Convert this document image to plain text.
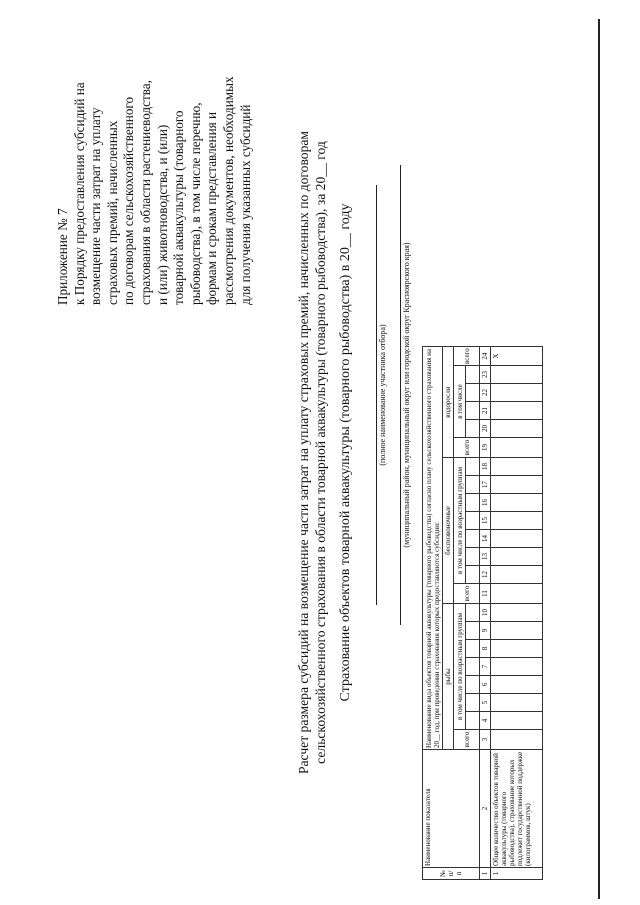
Приложение № 7 к Порядку предоставления субсидий на возмещение части затрат на уплату страховых премий, начисленных по договорам сельскохозяйственного страхования в области растениеводства, и (или) животноводства, и (или) товарной аквакультуры (товарного рыбоводства), в том числе перечню, формам и срокам представления и рассмотрения документов, необходимых для получения указанных субсидий	Расчет размера субсидий на возмещение части затрат на уплату страховых премий, начисленных по договорам сельскохозяйственного страхования в области товарной аквакультуры (товарного рыбоводства), за 20__ год Страхование объектов товарной аквакультуры (товарного рыбоводства) в 20__ году	(полное наименование участника отбора) (муниципальный район, муниципальный округ или городской округ Красноярского края)
№ п/п	Наименование показателя	Наименование вида объектов товарной аквакультуры (товарного рыбоводства) согласно плану сельскохозяйственного страхования на 20__ год, при проведении страхования которых предоставляются субсидии:																					
		рыбы								беспозвоночные								водоросли					
		всего	в том числе по возрастным группам							всего	в том числе по возрастным группам							всего	в том числе				всего

1	2	3	4	5	6	7	8	9	10	11	12	13	14	15	16	17	18	19	20	21	22	23	24
1	Общее количество объектов товарной аквакультуры (товарного рыбоводства), страхование которых подлежит государственной поддержке (килограммов, штук)																						X
